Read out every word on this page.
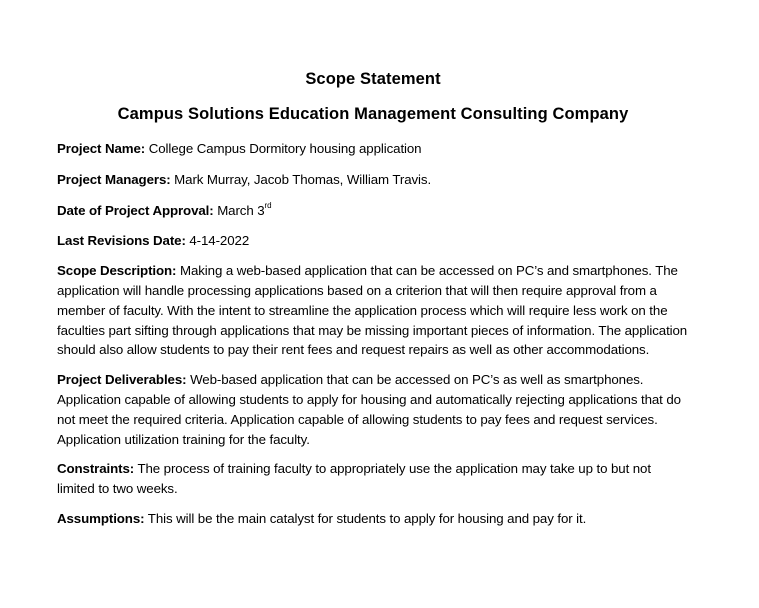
Scope Statement
Campus Solutions Education Management Consulting Company

Project Name: College Campus Dormitory housing application

Project Managers: Mark Murray, Jacob Thomas, William Travis.

Date of Project Approval: March 3rd

Last Revisions Date: 4-14-2022

Scope Description: Making a web-based application that can be accessed on PC’s and smartphones. The application will handle processing applications based on a criterion that will then require approval from a member of faculty. With the intent to streamline the application process which will require less work on the faculties part sifting through applications that may be missing important pieces of information. The application should also allow students to pay their rent fees and request repairs as well as other accommodations.

Project Deliverables: Web-based application that can be accessed on PC’s as well as smartphones. Application capable of allowing students to apply for housing and automatically rejecting applications that do not meet the required criteria. Application capable of allowing students to pay fees and request services. Application utilization training for the faculty.

Constraints: The process of training faculty to appropriately use the application may take up to but not limited to two weeks.

Assumptions: This will be the main catalyst for students to apply for housing and pay for it.
